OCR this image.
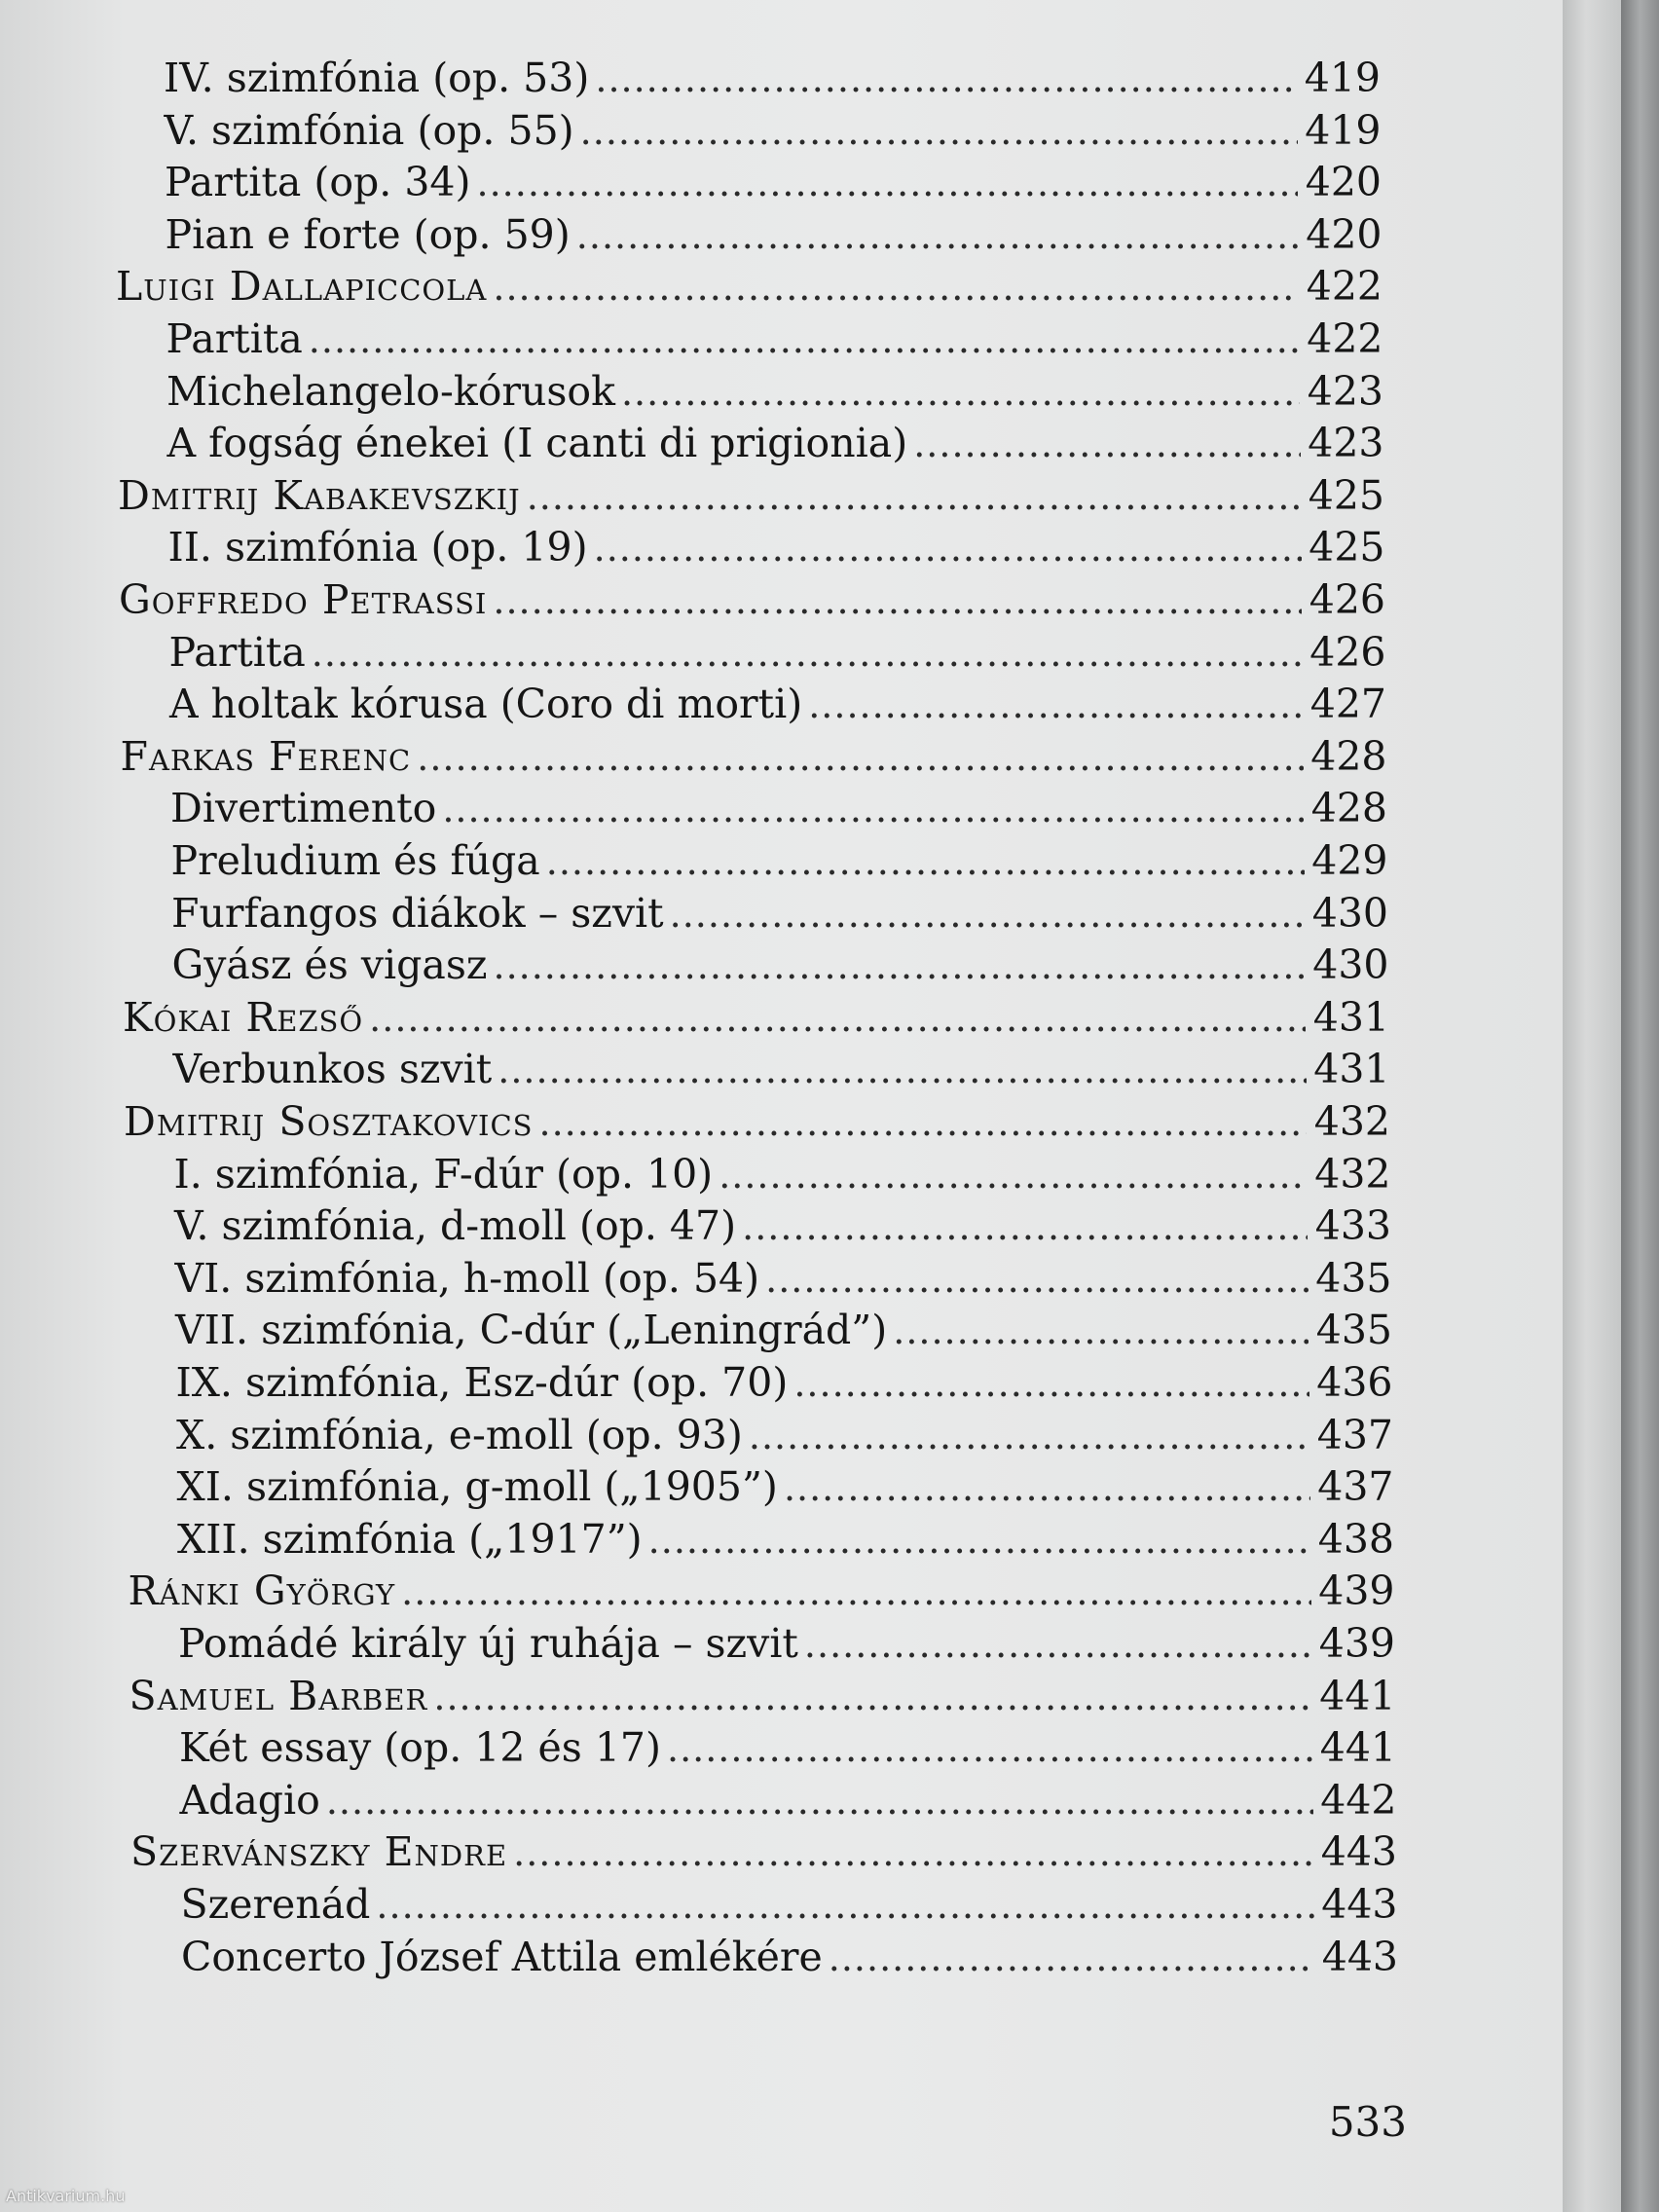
IV. szimfónia (op. 53) .....	419
V. szimfónia (op. 55) .....	419
Partita (op. 34) .....	420
Pian e forte (op. 59) .....	420
Luigi Dallapiccola .....	422
Partita .....	422
Michelangelo-kórusok .....	423
A fogság énekei (I canti di prigionia) .....	423
Dmitrij Kabakevszkij .....	425
II. szimfónia (op. 19) .....	425
Goffredo Petrassi .....	426
Partita .....	426
A holtak kórusa (Coro di morti) .....	427
Farkas Ferenc .....	428
Divertimento .....	428
Preludium és fúga .....	429
Furfangos diákok – szvit .....	430
Gyász és vigasz .....	430
Kókai Rezső .....	431
Verbunkos szvit .....	431
Dmitrij Sosztakovics .....	432
I. szimfónia, F-dúr (op. 10) .....	432
V. szimfónia, d-moll (op. 47) .....	433
VI. szimfónia, h-moll (op. 54) .....	435
VII. szimfónia, C-dúr („Leningrád”) .....	435
IX. szimfónia, Esz-dúr (op. 70) .....	436
X. szimfónia, e-moll (op. 93) .....	437
XI. szimfónia, g-moll („1905”) .....	437
XII. szimfónia („1917”) .....	438
Ránki György .....	439
Pomádé király új ruhája – szvit .....	439
Samuel Barber .....	441
Két essay (op. 12 és 17) .....	441
Adagio .....	442
Szervánszky Endre .....	443
Szerenád .....	443
Concerto József Attila emlékére .....	443
533
Antikvarium.hu
